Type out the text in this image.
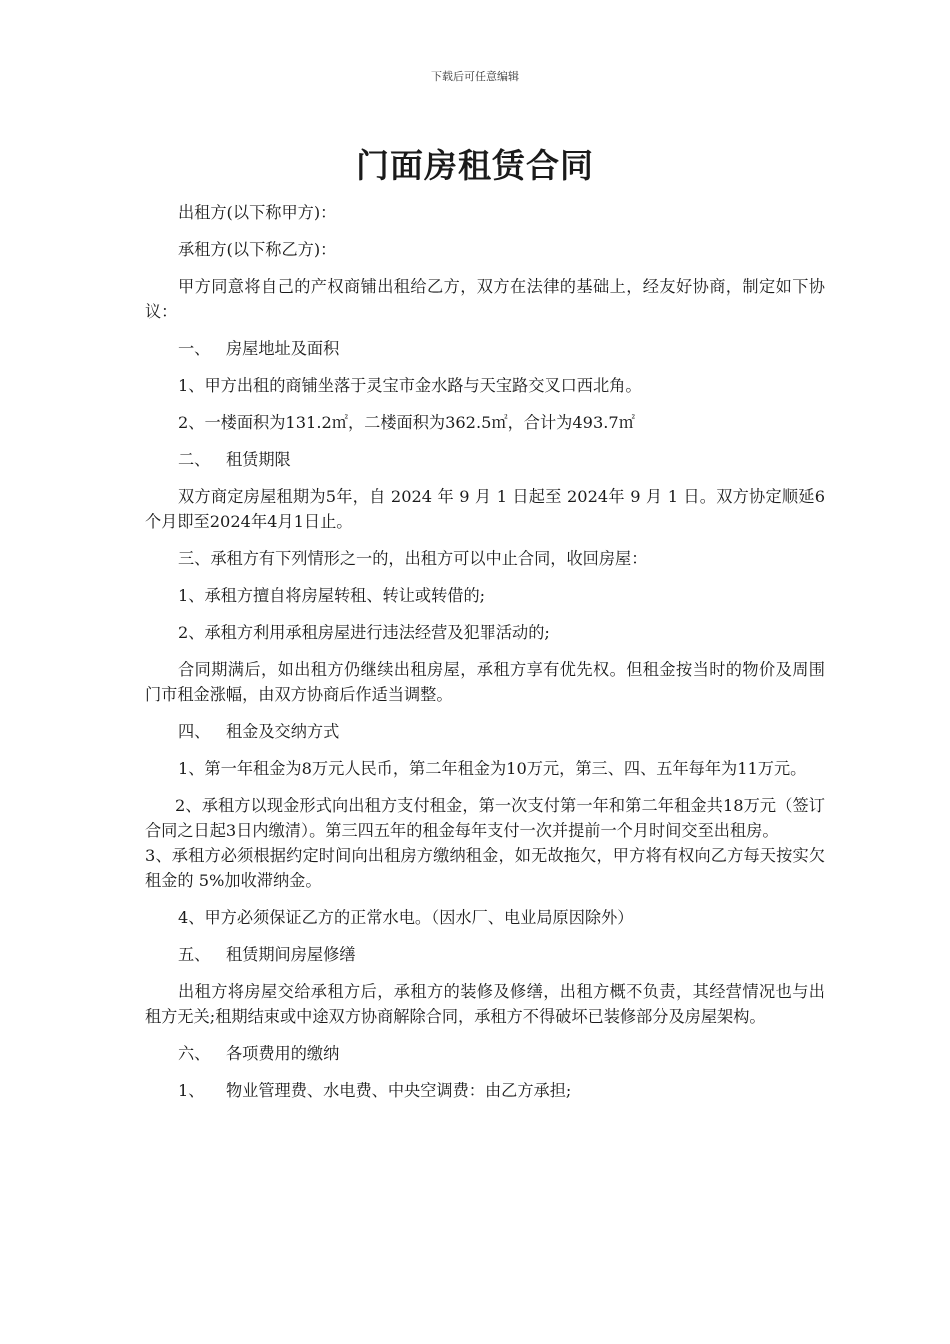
下载后可任意编辑
门面房租赁合同

出租方(以下称甲方)：

承租方(以下称乙方)：

甲方同意将自己的产权商铺出租给乙方，双方在法律的基础上，经友好协商，制定如下协议：

一、 房屋地址及面积

1、甲方出租的商铺坐落于灵宝市金水路与天宝路交叉口西北角。

2、一楼面积为131.2㎡，二楼面积为362.5㎡，合计为493.7㎡

二、 租赁期限

双方商定房屋租期为5年，自 2024 年 9 月 1 日起至 2024年 9 月 1 日。双方协定顺延6个月即至2024年4月1日止。

三、承租方有下列情形之一的，出租方可以中止合同，收回房屋：

1、承租方擅自将房屋转租、转让或转借的;

2、承租方利用承租房屋进行违法经营及犯罪活动的;

合同期满后，如出租方仍继续出租房屋，承租方享有优先权。但租金按当时的物价及周围门市租金涨幅，由双方协商后作适当调整。

四、 租金及交纳方式

1、第一年租金为8万元人民币，第二年租金为10万元，第三、四、五年每年为11万元。

2、承租方以现金形式向出租方支付租金，第一次支付第一年和第二年租金共18万元（签订合同之日起3日内缴清）。第三四五年的租金每年支付一次并提前一个月时间交至出租房。

3、承租方必须根据约定时间向出租房方缴纳租金，如无故拖欠，甲方将有权向乙方每天按实欠租金的 5%加收滞纳金。

4、甲方必须保证乙方的正常水电。（因水厂、电业局原因除外）

五、 租赁期间房屋修缮

出租方将房屋交给承租方后，承租方的装修及修缮，出租方概不负责，其经营情况也与出租方无关;租期结束或中途双方协商解除合同，承租方不得破坏已装修部分及房屋架构。

六、 各项费用的缴纳

1、 物业管理费、水电费、中央空调费：由乙方承担;
